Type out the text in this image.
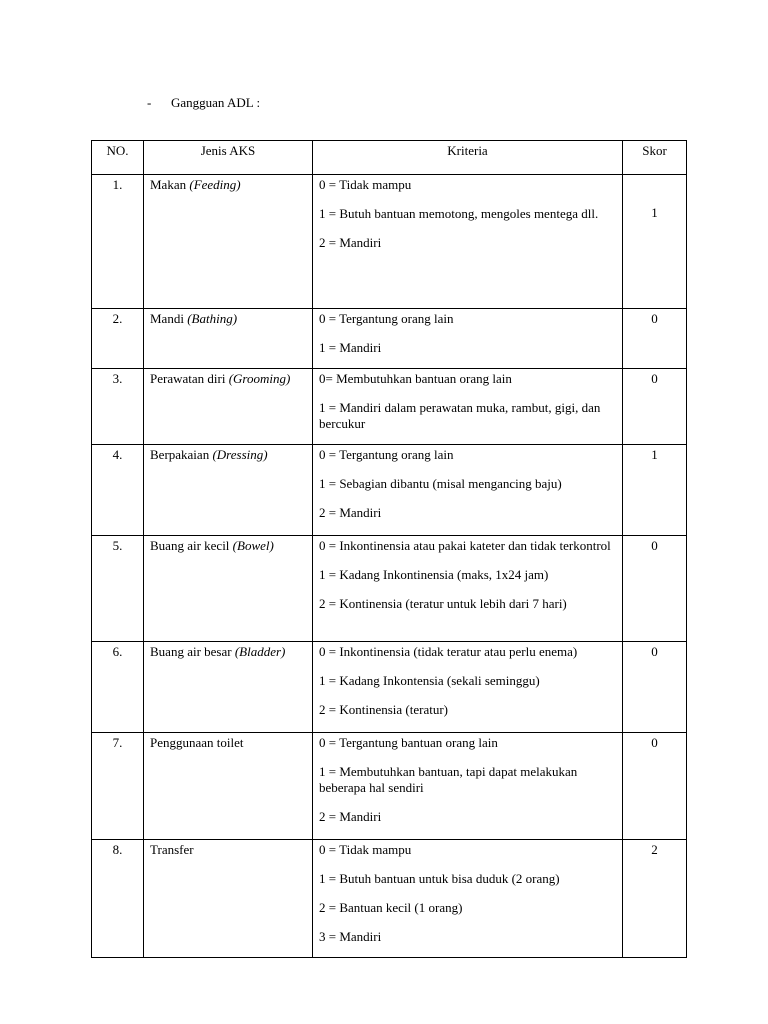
- Gangguan ADL :
NO.	Jenis AKS	Kriteria	Skor
1.	Makan (Feeding)	0 = Tidak mampu

1 = Butuh bantuan memotong, mengoles mentega dll.

2 = Mandiri	1
2.	Mandi (Bathing)	0 = Tergantung orang lain

1 = Mandiri	0
3.	Perawatan diri (Grooming)	0= Membutuhkan bantuan orang lain

1 = Mandiri dalam perawatan muka, rambut, gigi, dan bercukur	0
4.	Berpakaian (Dressing)	0 = Tergantung orang lain

1 = Sebagian dibantu (misal mengancing baju)

2 = Mandiri	1
5.	Buang air kecil (Bowel)	0 = Inkontinensia atau pakai kateter dan tidak terkontrol

1 = Kadang Inkontinensia (maks, 1x24 jam)

2 = Kontinensia (teratur untuk lebih dari 7 hari)	0
6.	Buang air besar (Bladder)	0 = Inkontinensia (tidak teratur atau perlu enema)

1 = Kadang Inkontensia (sekali seminggu)

2 = Kontinensia (teratur)	0
7.	Penggunaan toilet	0 = Tergantung bantuan orang lain

1 = Membutuhkan bantuan, tapi dapat melakukan beberapa hal sendiri

2 = Mandiri	0
8.	Transfer	0 = Tidak mampu

1 = Butuh bantuan untuk bisa duduk (2 orang)

2 = Bantuan kecil (1 orang)

3 = Mandiri	2
